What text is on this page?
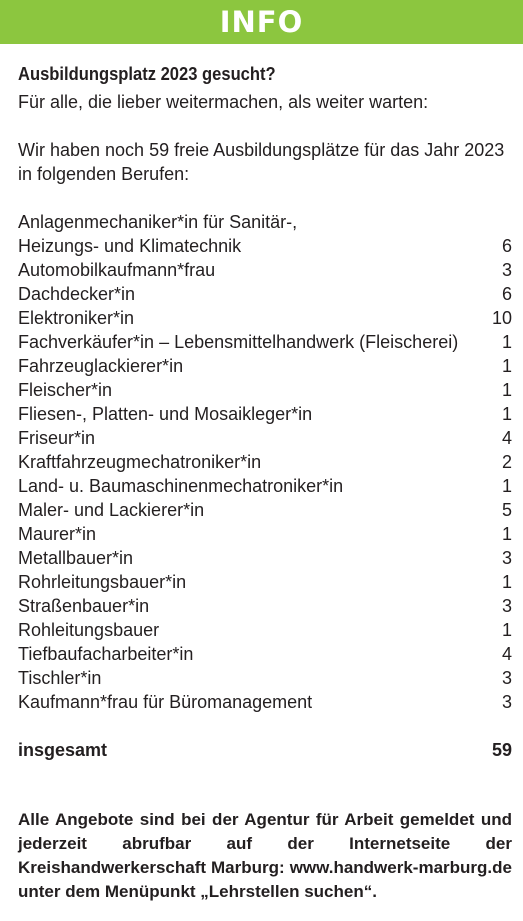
INFO

Ausbildungsplatz 2023 gesucht?

Für alle, die lieber weitermachen, als weiter warten:

Wir haben noch 59 freie Ausbildungsplätze für das Jahr 2023 in folgenden Berufen:

Anlagenmechaniker*in für Sanitär-,
Heizungs- und Klimatechnik	6
Automobilkaufmann*frau	3
Dachdecker*in	6
Elektroniker*in	10
Fachverkäufer*in – Lebensmittelhandwerk (Fleischerei)	1
Fahrzeuglackierer*in	1
Fleischer*in	1
Fliesen-, Platten- und Mosaikleger*in	1
Friseur*in	4
Kraftfahrzeugmechatroniker*in	2
Land- u. Baumaschinenmechatroniker*in	1
Maler- und Lackierer*in	5
Maurer*in	1
Metallbauer*in	3
Rohrleitungsbauer*in	1
Straßenbauer*in	3
Rohleitungsbauer	1
Tiefbaufacharbeiter*in	4
Tischler*in	3
Kaufmann*frau für Büromanagement	3
insgesamt	59

Alle Angebote sind bei der Agentur für Arbeit gemeldet und jederzeit abrufbar auf der Internetseite der Kreishandwerkerschaft Marburg: www.handwerk-marburg.de unter dem Menüpunkt „Lehrstellen suchen“.
